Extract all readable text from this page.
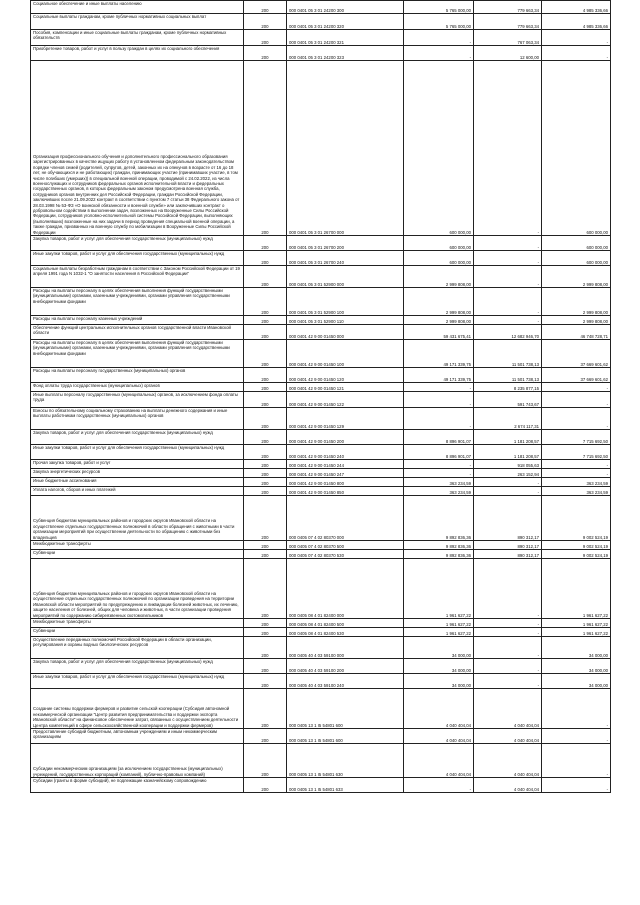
Социальное обеспечение и иные выплаты населению	200	000 0401 05 3 01 24200 300	5 765 000,00	779 663,34	4 985 336,66
Социальные выплаты гражданам, кроме публичных нормативных социальных выплат	200	000 0401 05 3 01 24200 320	5 765 000,00	779 663,34	4 985 336,66
Пособия, компенсации и иные социальные выплаты гражданам, кроме публичных нормативных обязательств	200	000 0401 05 3 01 24200 321	-	767 063,34	-
Приобретение товаров, работ и услуг в пользу граждан в целях их социального обеспечения	200	000 0401 05 3 01 24200 323	-	12 600,00	-
Организация профессионального обучения и дополнительного профессионального образования зарегистрированных в качестве ищущих работу в установленном федеральным законодательством порядке членов семей (родителей, супругов, детей, законных их на опекунов в возрасте от 16 до 18 лет, не обучающихся и не работающих) граждан, принимающих участие (принимавших участие, в том числе погибших (умерших)) в специальной военной операции, проводимой с 24.02.2022, из числа военнослужащих и сотрудников федеральных органов исполнительной власти и федеральных государственных органов, в которых федеральным законом предусмотрена военная служба, сотрудников органов внутренних дел Российской Федерации, граждан Российской Федерации, заключивших после 21.09.2022 контракт в соответствии с пунктом 7 статьи 38 Федерального закона от 28.03.1998 № 53-ФЗ «О воинской обязанности и военной службе» или заключивших контракт о добровольном содействии в выполнении задач, возложенных на Вооруженные Силы Российской Федерации, сотрудников уголовно-исполнительной системы Российской Федерации, выполняющих (выполнявших) возложенные на них задачи в период проведения специальной военной операции, а также граждан, призванных на военную службу по мобилизации в Вооруженные Силы Российской Федерации	200	000 0401 05 3 01 26700 000	600 000,00	-	600 000,00
Закупка товаров, работ и услуг для обеспечения государственных (муниципальных) нужд	200	000 0401 05 3 01 26700 200	600 000,00	-	600 000,00
Иные закупки товаров, работ и услуг для обеспечения государственных (муниципальных) нужд	200	000 0401 05 3 01 26700 240	600 000,00	-	600 000,00
Социальные выплаты безработным гражданам в соответствии с Законом Российской Федерации от 19 апреля 1991 года N 1032-1 "О занятости населения в Российской Федерации"	200	000 0401 05 3 01 52900 000	2 999 808,00	-	2 999 808,00
Расходы на выплаты персоналу в целях обеспечения выполнения функций государственными (муниципальными) органами, казенными учреждениями, органами управления государственными внебюджетными фондами	200	000 0401 05 3 01 52900 100	2 999 808,00	-	2 999 808,00
Расходы на выплаты персоналу казенных учреждений	200	000 0401 05 3 01 52900 110	2 999 808,00	-	2 999 808,00
Обеспечение функций центральных исполнительных органов государственной власти Ивановской области	200	000 0401 42 9 00 01450 000	59 431 675,41	12 682 946,70	46 748 728,71
Расходы на выплаты персоналу в целях обеспечения выполнения функций государственными (муниципальными) органами, казенными учреждениями, органами управления государственными внебюджетными фондами	200	000 0401 42 9 00 01450 100	49 171 339,75	11 501 738,13	37 669 601,62
Расходы на выплаты персоналу государственных (муниципальных) органов	200	000 0401 42 9 00 01450 120	49 171 339,75	11 501 738,13	37 669 601,62
Фонд оплаты труда государственных (муниципальных) органов	200	000 0401 42 9 00 01450 121	-	8 235 877,15	-
Иные выплаты персоналу государственных (муниципальных) органов, за исключением фонда оплаты труда	200	000 0401 42 9 00 01450 122	-	591 743,67	-
Взносы по обязательному социальному страхованию на выплаты денежного содержания и иные выплаты работникам государственных (муниципальных) органов	200	000 0401 42 9 00 01450 129	-	2 674 117,31	-
Закупка товаров, работ и услуг для обеспечения государственных (муниципальных) нужд	200	000 0401 42 9 00 01450 200	8 896 901,07	1 181 208,57	7 715 692,50
Иные закупки товаров, работ и услуг для обеспечения государственных (муниципальных) нужд	200	000 0401 42 9 00 01450 240	8 896 901,07	1 181 208,57	7 715 692,50
Прочая закупка товаров, работ и услуг	200	000 0401 42 9 00 01450 244	-	918 055,63	-
Закупка энергетических ресурсов	200	000 0401 42 9 00 01450 247	-	263 152,94	-
Иные бюджетные ассигнования	200	000 0401 42 9 00 01450 800	363 234,59	-	363 234,59
Уплата налогов, сборов и иных платежей	200	000 0401 42 9 00 01450 850	363 234,59	-	363 234,59
Субвенция бюджетам муниципальных районов и городских округов Ивановской области на осуществление отдельных государственных полномочий в области обращения с животными в части организации мероприятий при осуществлении деятельности по обращению с животными без владельцев	200	000 0405 07 4 02 80370 000	9 892 836,36	890 312,17	9 002 524,19
Межбюджетные трансферты	200	000 0405 07 4 02 80370 500	9 892 836,36	890 312,17	9 002 524,19
Субвенции	200	000 0405 07 4 02 80370 530	9 892 836,36	890 312,17	9 002 524,19
Субвенция бюджетам муниципальных районов и городских округов Ивановской области на осуществление отдельных государственных полномочий по организации проведения на территории Ивановской области мероприятий по предупреждению и ликвидации болезней животных, их лечению, защите населения от болезней, общих для человека и животных, в части организации проведения мероприятий по содержанию сибиреязвенных скотомогильников	200	000 0405 08 4 01 82400 000	1 961 627,22	-	1 961 627,22
Межбюджетные трансферты	200	000 0405 08 4 01 82400 500	1 961 627,22	-	1 961 627,22
Субвенции	200	000 0405 08 4 01 82400 530	1 961 627,22	-	1 961 627,22
Осуществление переданных полномочий Российской Федерации в области организации, регулирования и охраны водных биологических ресурсов	200	000 0405 40 4 03 59100 000	34 000,00	-	34 000,00
Закупка товаров, работ и услуг для обеспечения государственных (муниципальных) нужд	200	000 0405 40 4 03 59100 200	34 000,00	-	34 000,00
Иные закупки товаров, работ и услуг для обеспечения государственных (муниципальных) нужд	200	000 0405 40 4 03 59100 240	34 000,00	-	34 000,00
Создание системы поддержки фермеров и развитие сельской кооперации (Субсидия автономной некоммерческой организации "Центр развития предпринимательства и поддержки экспорта Ивановской области" на финансовое обеспечение затрат, связанных с осуществлением деятельности Центра компетенций в сфере сельскохозяйственной кооперации и поддержки фермеров)	200	000 0405 13 1 I5 54801 600	4 040 404,04	4 040 404,04	-
Предоставление субсидий бюджетным, автономным учреждениям и иным некоммерческим организациям	200	000 0405 13 1 I5 54801 600	4 040 404,04	4 040 404,04	-
Субсидии некоммерческим организациям (за исключением государственных (муниципальных) учреждений, государственных корпораций (компаний), публично-правовых компаний)	200	000 0405 13 1 I5 54801 630	4 040 404,04	4 040 404,04	-
Субсидии (гранты в форме субсидий), не подлежащие казначейскому сопровождению	200	000 0405 13 1 I5 54801 633	-	4 040 404,04	-
